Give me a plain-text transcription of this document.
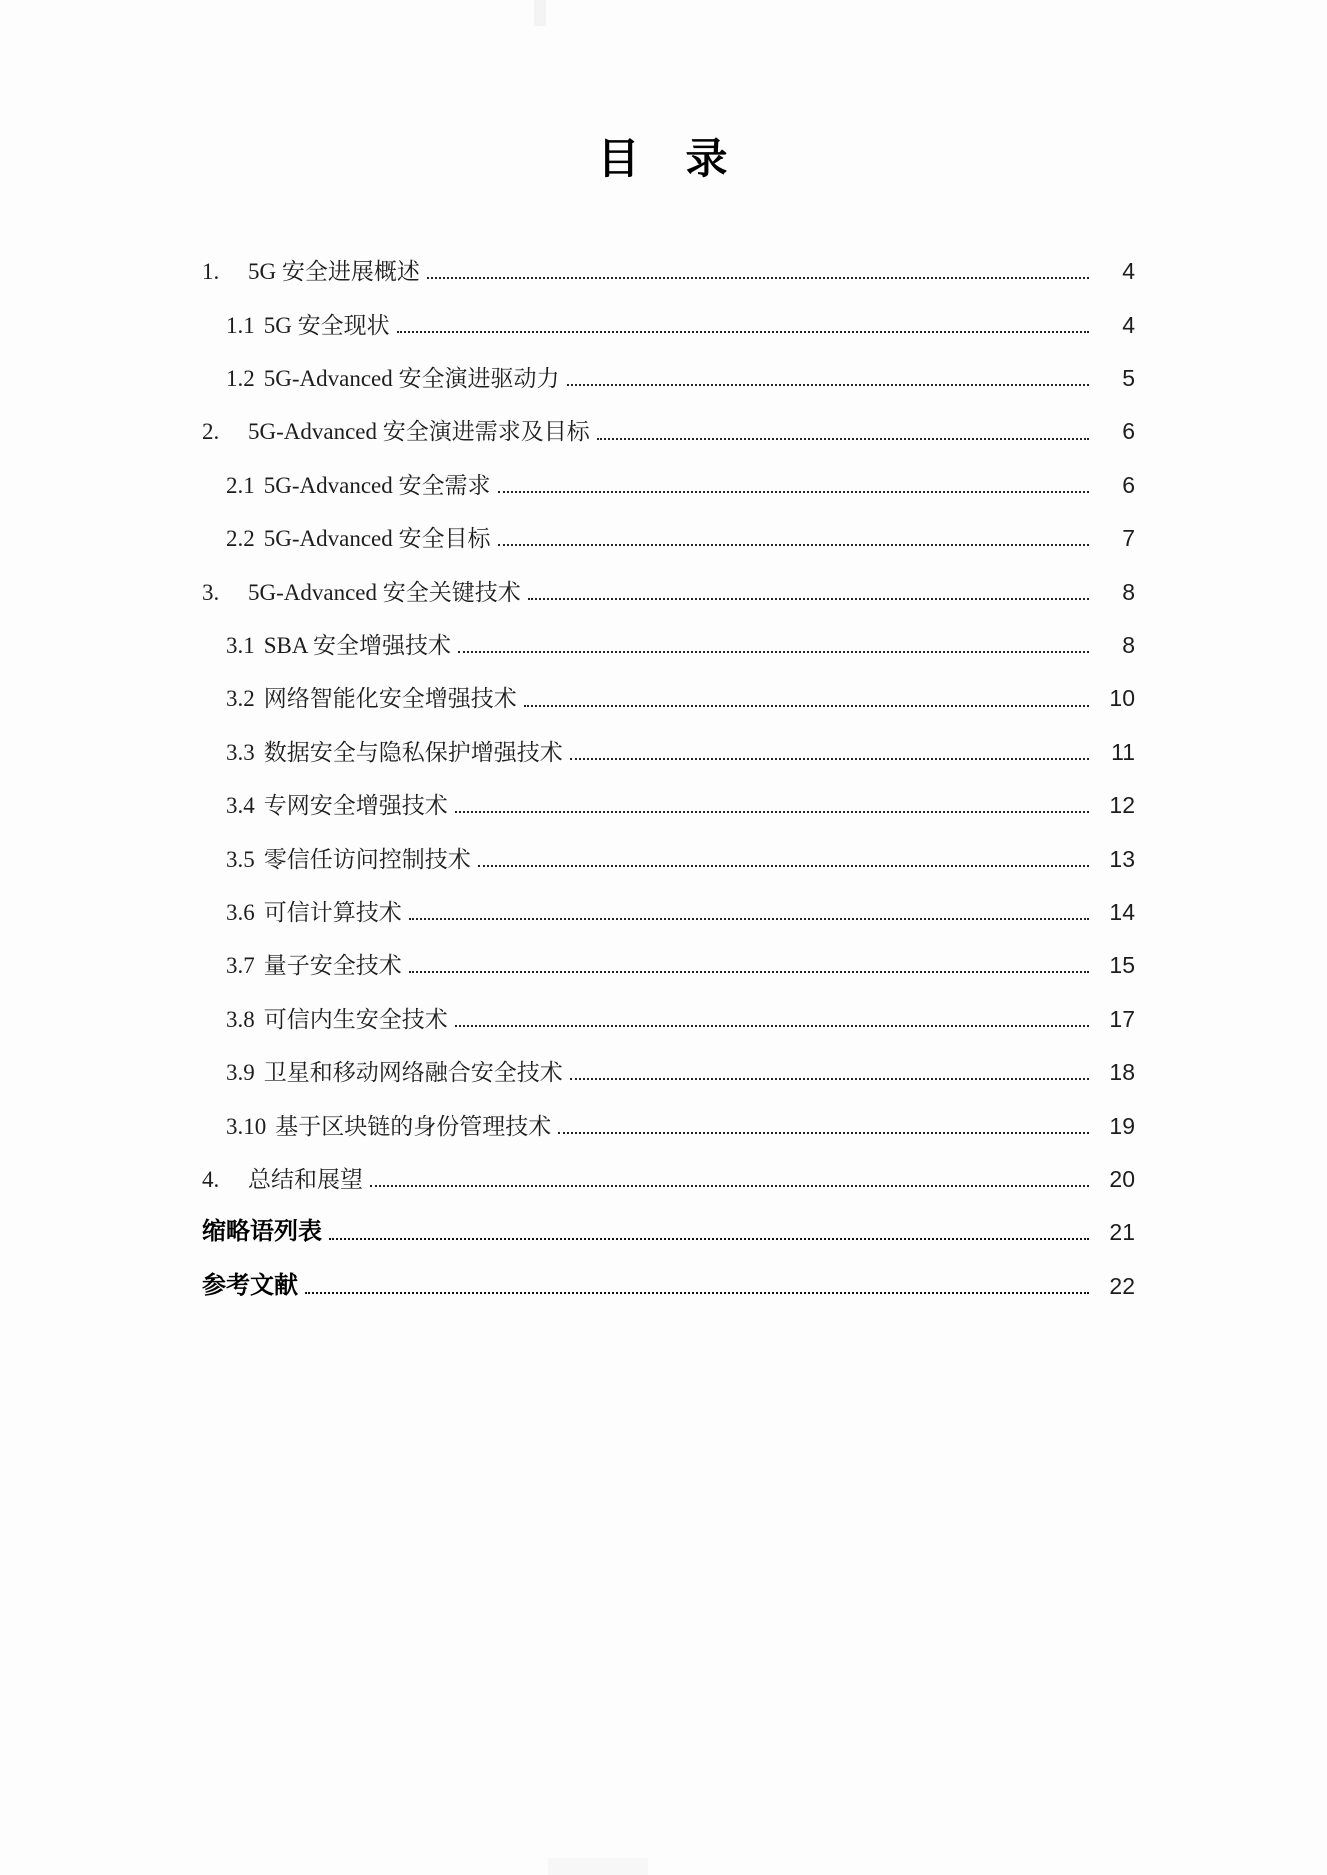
目　录
1.	5G 安全进展概述	4
1.1 5G 安全现状	4
1.2 5G-Advanced 安全演进驱动力	5
2.	5G-Advanced 安全演进需求及目标	6
2.1 5G-Advanced 安全需求	6
2.2 5G-Advanced 安全目标	7
3.	5G-Advanced 安全关键技术	8
3.1 SBA 安全增强技术	8
3.2 网络智能化安全增强技术	10
3.3 数据安全与隐私保护增强技术	11
3.4 专网安全增强技术	12
3.5 零信任访问控制技术	13
3.6 可信计算技术	14
3.7 量子安全技术	15
3.8 可信内生安全技术	17
3.9 卫星和移动网络融合安全技术	18
3.10 基于区块链的身份管理技术	19
4.	总结和展望	20
缩略语列表	21
参考文献	22
